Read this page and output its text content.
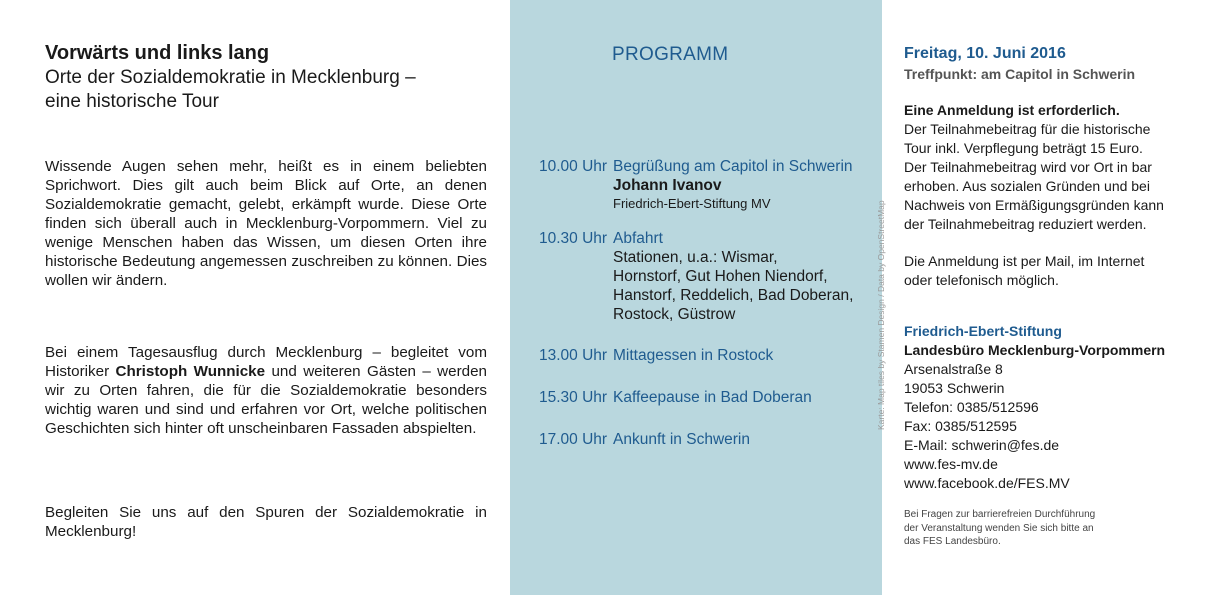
Vorwärts und links lang
Orte der Sozialdemokratie in Mecklenburg –
eine historische Tour

Wissende Augen sehen mehr, heißt es in einem beliebten Sprichwort. Dies gilt auch beim Blick auf Orte, an denen Sozialdemokratie gemacht, gelebt, erkämpft wurde. Diese Orte finden sich überall auch in Mecklenburg-Vorpommern. Viel zu wenige Menschen haben das Wissen, um diesen Orten ihre historische Bedeutung angemessen zuschreiben zu können. Dies wollen wir ändern.

Bei einem Tagesausflug durch Mecklenburg – begleitet vom Historiker Christoph Wunnicke und weiteren Gästen – werden wir zu Orten fahren, die für die Sozialdemokratie besonders wichtig waren und sind und erfahren vor Ort, welche politischen Geschichten sich hinter oft unscheinbaren Fassaden abspielten.

Begleiten Sie uns auf den Spuren der Sozialdemokratie in Mecklenburg!

PROGRAMM
10.00 Uhr Begrüßung am Capitol in Schwerin
Johann Ivanov
Friedrich-Ebert-Stiftung MV
10.30 Uhr Abfahrt
Stationen, u.a.: Wismar,
Hornstorf, Gut Hohen Niendorf,
Hanstorf, Reddelich, Bad Doberan,
Rostock, Güstrow
13.00 Uhr Mittagessen in Rostock
15.30 Uhr Kaffeepause in Bad Doberan
17.00 Uhr Ankunft in Schwerin
Karte: Map tiles by Stamen Design / Data by OpenStreetMap
Freitag, 10. Juni 2016
Treffpunkt: am Capitol in Schwerin
Eine Anmeldung ist erforderlich.

Der Teilnahmebeitrag für die historische

Tour inkl. Verpflegung beträgt 15 Euro.

Der Teilnahmebeitrag wird vor Ort in bar

erhoben. Aus sozialen Gründen und bei

Nachweis von Ermäßigungsgründen kann

der Teilnahmebeitrag reduziert werden.

Die Anmeldung ist per Mail, im Internet

oder telefonisch möglich.

Friedrich-Ebert-Stiftung

Landesbüro Mecklenburg-Vorpommern

Arsenalstraße 8

19053 Schwerin

Telefon: 0385/512596

Fax: 0385/512595

E-Mail: schwerin@fes.de

www.fes-mv.de

www.facebook.de/FES.MV

Bei Fragen zur barrierefreien Durchführung
der Veranstaltung wenden Sie sich bitte an
das FES Landesbüro.
